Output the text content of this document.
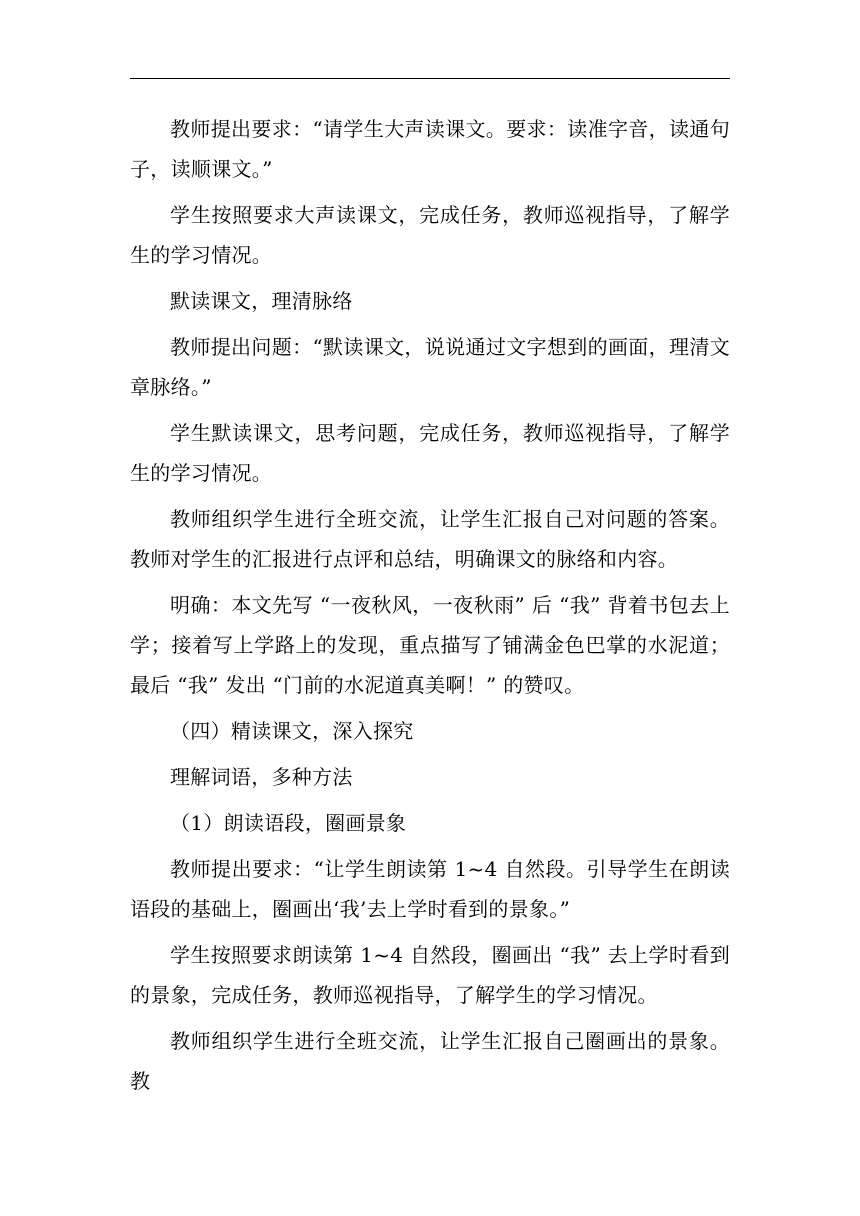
教师提出要求：“请学生大声读课文。要求：读准字音，读通句子，读顺课文。”

学生按照要求大声读课文，完成任务，教师巡视指导，了解学生的学习情况。

默读课文，理清脉络

教师提出问题：“默读课文，说说通过文字想到的画面，理清文章脉络。”

学生默读课文，思考问题，完成任务，教师巡视指导，了解学生的学习情况。

教师组织学生进行全班交流，让学生汇报自己对问题的答案。教师对学生的汇报进行点评和总结，明确课文的脉络和内容。

明确：本文先写 “一夜秋风，一夜秋雨” 后 “我” 背着书包去上学；接着写上学路上的发现，重点描写了铺满金色巴掌的水泥道；最后 “我” 发出 “门前的水泥道真美啊！” 的赞叹。

（四）精读课文，深入探究

理解词语，多种方法

（1）朗读语段，圈画景象

教师提出要求：“让学生朗读第 1~4 自然段。引导学生在朗读语段的基础上，圈画出‘我’去上学时看到的景象。”

学生按照要求朗读第 1~4 自然段，圈画出 “我” 去上学时看到的景象，完成任务，教师巡视指导，了解学生的学习情况。

教师组织学生进行全班交流，让学生汇报自己圈画出的景象。教
